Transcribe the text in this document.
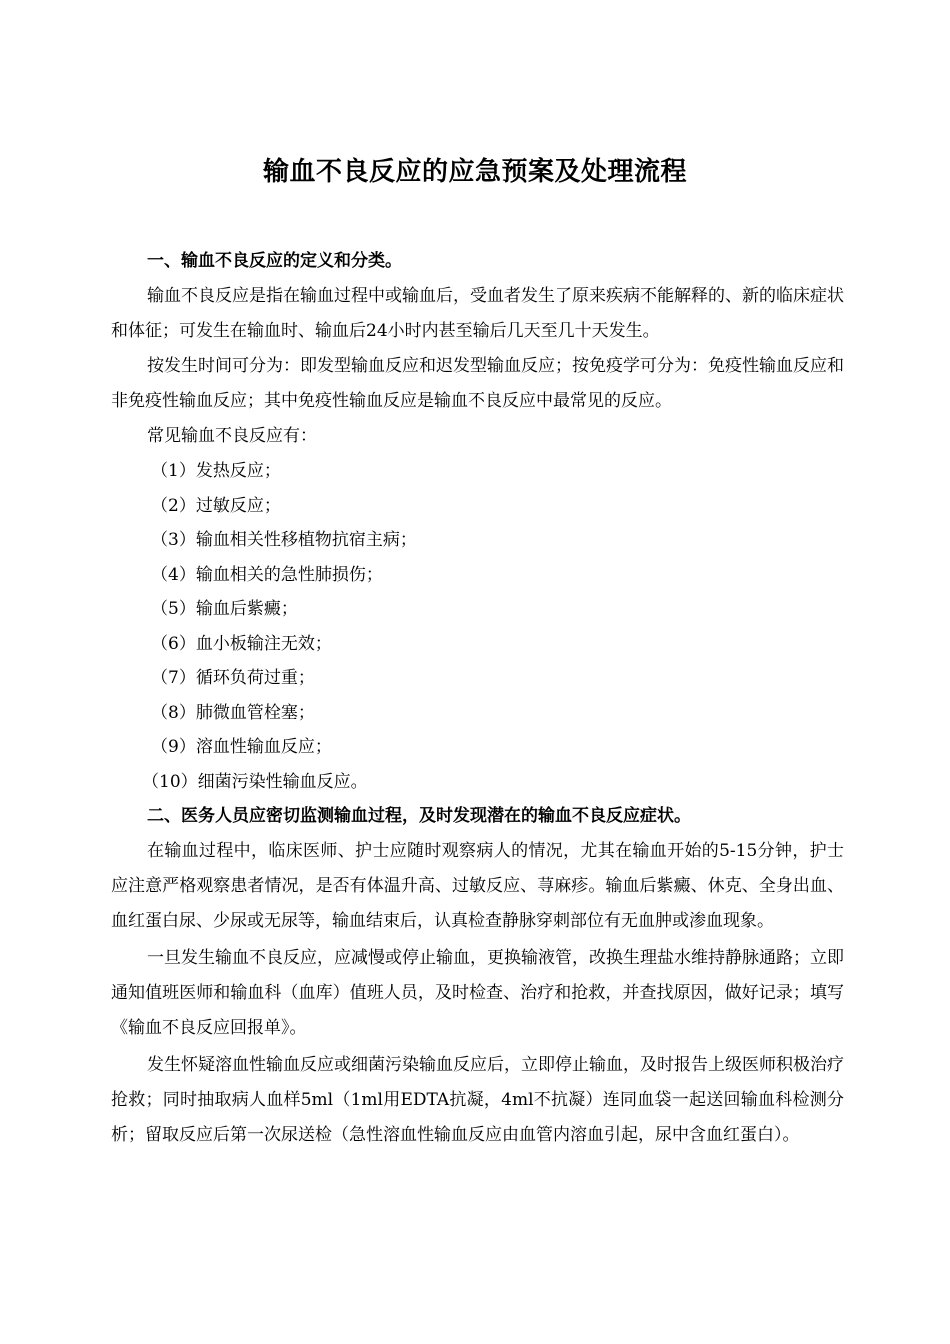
输血不良反应的应急预案及处理流程

一、输血不良反应的定义和分类。

输血不良反应是指在输血过程中或输血后，受血者发生了原来疾病不能解释的、新的临床症状和体征；可发生在输血时、输血后24小时内甚至输后几天至几十天发生。

按发生时间可分为：即发型输血反应和迟发型输血反应；按免疫学可分为：免疫性输血反应和非免疫性输血反应；其中免疫性输血反应是输血不良反应中最常见的反应。

常见输血不良反应有：

（1）发热反应；

（2）过敏反应；

（3）输血相关性移植物抗宿主病；

（4）输血相关的急性肺损伤；

（5）输血后紫癜；

（6）血小板输注无效；

（7）循环负荷过重；

（8）肺微血管栓塞；

（9）溶血性输血反应；

（10）细菌污染性输血反应。

二、医务人员应密切监测输血过程，及时发现潜在的输血不良反应症状。

在输血过程中，临床医师、护士应随时观察病人的情况，尤其在输血开始的5-15分钟，护士应注意严格观察患者情况，是否有体温升高、过敏反应、荨麻疹。输血后紫癜、休克、全身出血、血红蛋白尿、少尿或无尿等，输血结束后，认真检查静脉穿刺部位有无血肿或渗血现象。

一旦发生输血不良反应，应减慢或停止输血，更换输液管，改换生理盐水维持静脉通路；立即通知值班医师和输血科（血库）值班人员，及时检查、治疗和抢救，并查找原因，做好记录；填写《输血不良反应回报单》。

发生怀疑溶血性输血反应或细菌污染输血反应后，立即停止输血，及时报告上级医师积极治疗抢救；同时抽取病人血样5ml（1ml用EDTA抗凝，4ml不抗凝）连同血袋一起送回输血科检测分析；留取反应后第一次尿送检（急性溶血性输血反应由血管内溶血引起，尿中含血红蛋白）。
